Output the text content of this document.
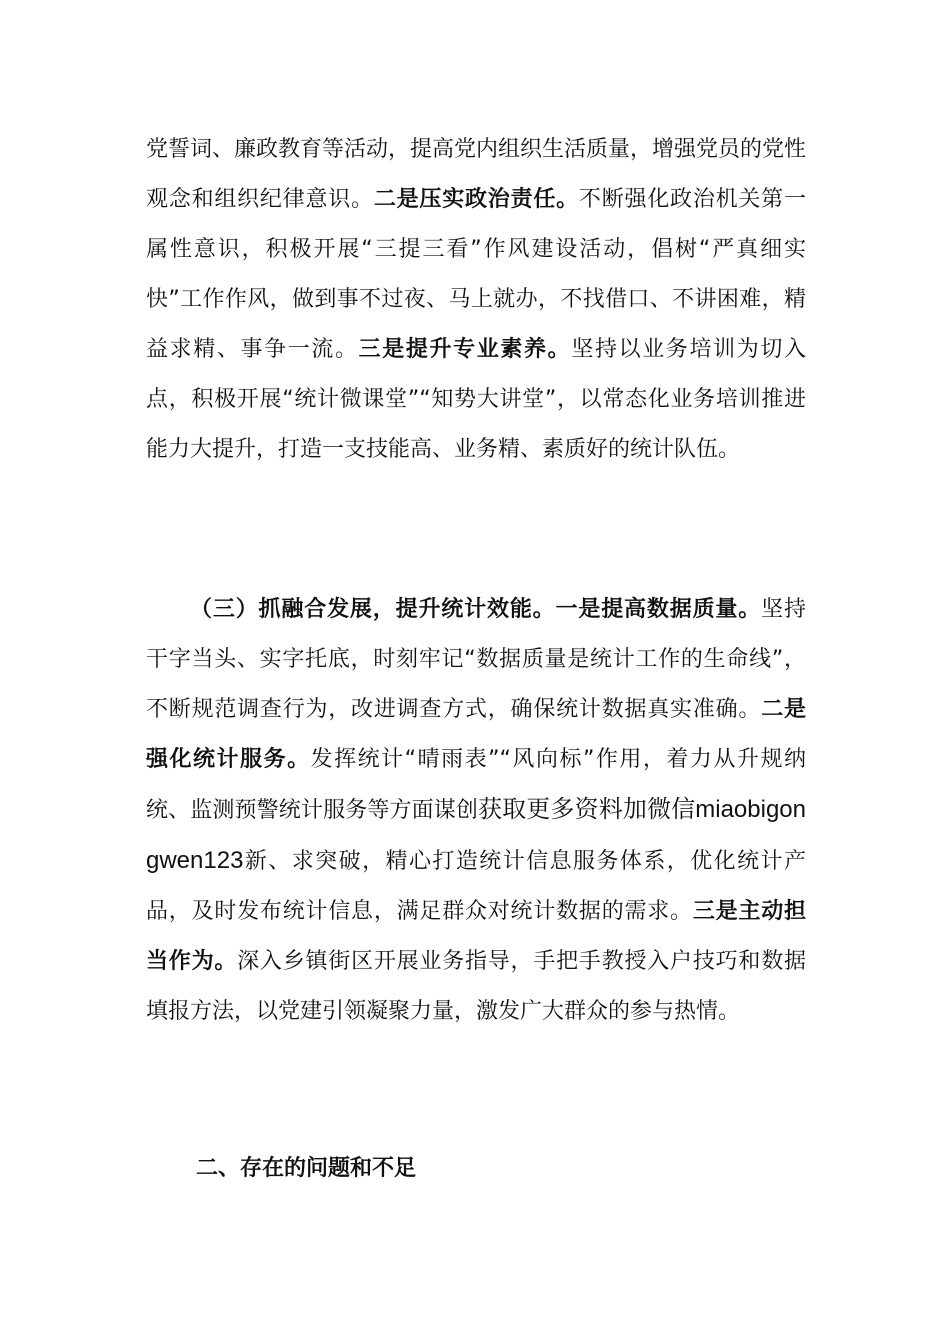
党誓词、廉政教育等活动，提高党内组织生活质量，增强党员的党性观念和组织纪律意识。二是压实政治责任。不断强化政治机关第一属性意识，积极开展“三提三看”作风建设活动，倡树“严真细实快”工作作风，做到事不过夜、马上就办，不找借口、不讲困难，精益求精、事争一流。三是提升专业素养。坚持以业务培训为切入点，积极开展“统计微课堂”“知势大讲堂”，以常态化业务培训推进能力大提升，打造一支技能高、业务精、素质好的统计队伍。
（三）抓融合发展，提升统计效能。一是提高数据质量。坚持干字当头、实字托底，时刻牢记“数据质量是统计工作的生命线”，不断规范调查行为，改进调查方式，确保统计数据真实准确。二是强化统计服务。发挥统计“晴雨表”“风向标”作用，着力从升规纳统、监测预警统计服务等方面谋创获取更多资料加微信miaobigongwen123新、求突破，精心打造统计信息服务体系，优化统计产品，及时发布统计信息，满足群众对统计数据的需求。三是主动担当作为。深入乡镇街区开展业务指导，手把手教授入户技巧和数据填报方法，以党建引领凝聚力量，激发广大群众的参与热情。
二、存在的问题和不足
